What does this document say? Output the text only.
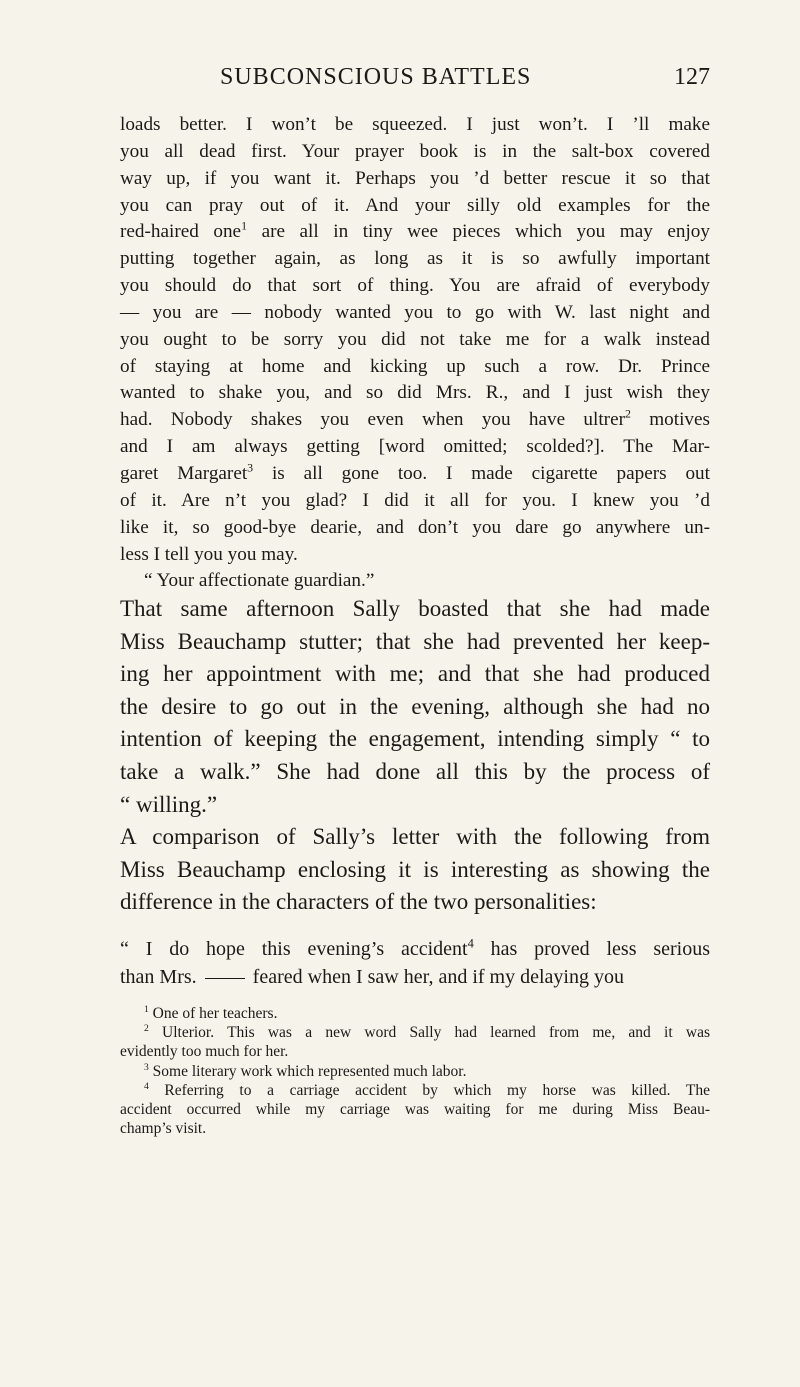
SUBCONSCIOUS BATTLES	127
loads better. I won’t be squeezed. I just won’t. I ’ll make
you all dead first. Your prayer book is in the salt-box covered
way up, if you want it. Perhaps you ’d better rescue it so that
you can pray out of it. And your silly old examples for the
red-haired one$^1$ are all in tiny wee pieces which you may enjoy
putting together again, as long as it is so awfully important
you should do that sort of thing. You are afraid of everybody
— you are — nobody wanted you to go with W. last night and
you ought to be sorry you did not take me for a walk instead
of staying at home and kicking up such a row. Dr. Prince
wanted to shake you, and so did Mrs. R., and I just wish they
had. Nobody shakes you even when you have ultrer$^2$ motives
and I am always getting [word omitted; scolded?]. The Mar-
garet Margaret$^3$ is all gone too. I made cigarette papers out
of it. Are n’t you glad? I did it all for you. I knew you ’d
like it, so good-bye dearie, and don’t you dare go anywhere un-
less I tell you you may.
“ Your affectionate guardian.”
That same afternoon Sally boasted that she had made
Miss Beauchamp stutter; that she had prevented her keep-
ing her appointment with me; and that she had produced
the desire to go out in the evening, although she had no
intention of keeping the engagement, intending simply “ to
take a walk.” She had done all this by the process of
“ willing.”
A comparison of Sally’s letter with the following from
Miss Beauchamp enclosing it is interesting as showing the
difference in the characters of the two personalities:
“ I do hope this evening’s accident$^4$ has proved less serious
than Mrs.	feared when I saw her, and if my delaying you
$^1$ One of her teachers.
$^2$ Ulterior. This was a new word Sally had learned from me, and it was
evidently too much for her.
$^3$ Some literary work which represented much labor.
$^4$ Referring to a carriage accident by which my horse was killed. The
accident occurred while my carriage was waiting for me during Miss Beau-
champ’s visit.
